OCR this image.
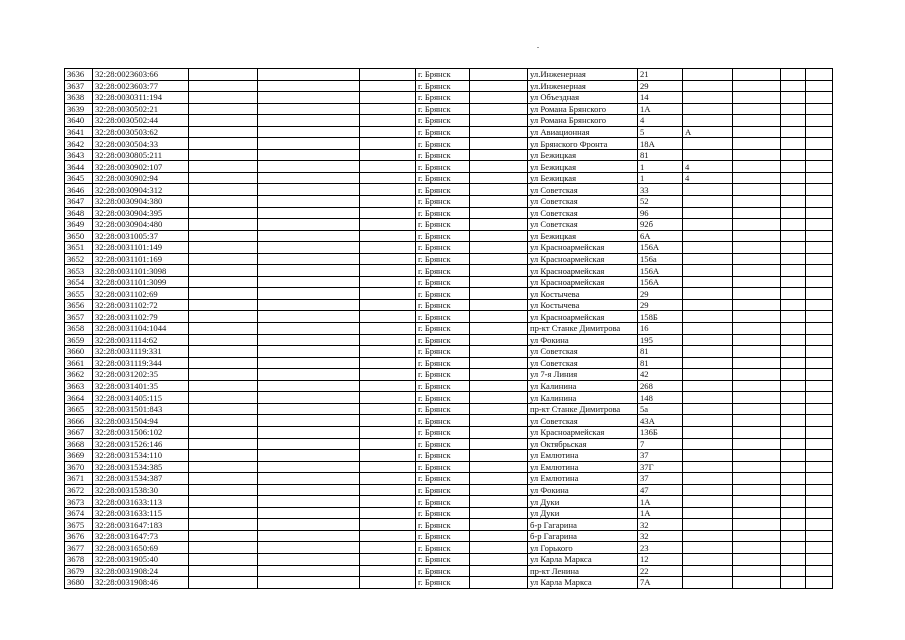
3636	32:28:0023603:66				г. Брянск		ул.Инженерная	21				
3637	32:28:0023603:77				г. Брянск		ул.Инженерная	29				
3638	32:28:0030311:194				г. Брянск		ул Объездная	14				
3639	32:28:0030502:21				г. Брянск		ул Романа Брянского	1А				
3640	32:28:0030502:44				г. Брянск		ул Романа Брянского	4				
3641	32:28:0030503:62				г. Брянск		ул Авиационная	5	А			
3642	32:28:0030504:33				г. Брянск		ул Брянского Фронта	18А				
3643	32:28:0030805:211				г. Брянск		ул Бежицкая	81				
3644	32:28:0030902:107				г. Брянск		ул Бежицкая	1	4			
3645	32:28:0030902:94				г. Брянск		ул Бежицкая	1	4			
3646	32:28:0030904:312				г. Брянск		ул Советская	33				
3647	32:28:0030904:380				г. Брянск		ул Советская	52				
3648	32:28:0030904:395				г. Брянск		ул Советская	96				
3649	32:28:0030904:480				г. Брянск		ул Советская	92б				
3650	32:28:0031005:37				г. Брянск		ул Бежицкая	6А				
3651	32:28:0031101:149				г. Брянск		ул Красноармейская	156А				
3652	32:28:0031101:169				г. Брянск		ул Красноармейская	156а				
3653	32:28:0031101:3098				г. Брянск		ул Красноармейская	156А				
3654	32:28:0031101:3099				г. Брянск		ул Красноармейская	156А				
3655	32:28:0031102:69				г. Брянск		ул Костычева	29				
3656	32:28:0031102:72				г. Брянск		ул Костычева	29				
3657	32:28:0031102:79				г. Брянск		ул Красноармейская	158Б				
3658	32:28:0031104:1044				г. Брянск		пр-кт Станке Димитрова	16				
3659	32:28:0031114:62				г. Брянск		ул Фокина	195				
3660	32:28:0031119:331				г. Брянск		ул Советская	81				
3661	32:28:0031119:344				г. Брянск		ул Советская	81				
3662	32:28:0031202:35				г. Брянск		ул 7-я Линия	42				
3663	32:28:0031401:35				г. Брянск		ул Калинина	268				
3664	32:28:0031405:115				г. Брянск		ул Калинина	148				
3665	32:28:0031501:843				г. Брянск		пр-кт Станке Димитрова	5а				
3666	32:28:0031504:94				г. Брянск		ул Советская	43А				
3667	32:28:0031506:102				г. Брянск		ул Красноармейская	136Б				
3668	32:28:0031526:146				г. Брянск		ул Октябрьская	7				
3669	32:28:0031534:110				г. Брянск		ул Емлютина	37				
3670	32:28:0031534:385				г. Брянск		ул Емлютина	37Г				
3671	32:28:0031534:387				г. Брянск		ул Емлютина	37				
3672	32:28:0031538:30				г. Брянск		ул Фокина	47				
3673	32:28:0031633:113				г. Брянск		ул Дуки	1А				
3674	32:28:0031633:115				г. Брянск		ул Дуки	1А				
3675	32:28:0031647:183				г. Брянск		б-р Гагарина	32				
3676	32:28:0031647:73				г. Брянск		б-р Гагарина	32				
3677	32:28:0031650:69				г. Брянск		ул Горького	23				
3678	32:28:0031905:40				г. Брянск		ул Карла Маркса	12				
3679	32:28:0031908:24				г. Брянск		пр-кт Ленина	22				
3680	32:28:0031908:46				г. Брянск		ул Карла Маркса	7А				
